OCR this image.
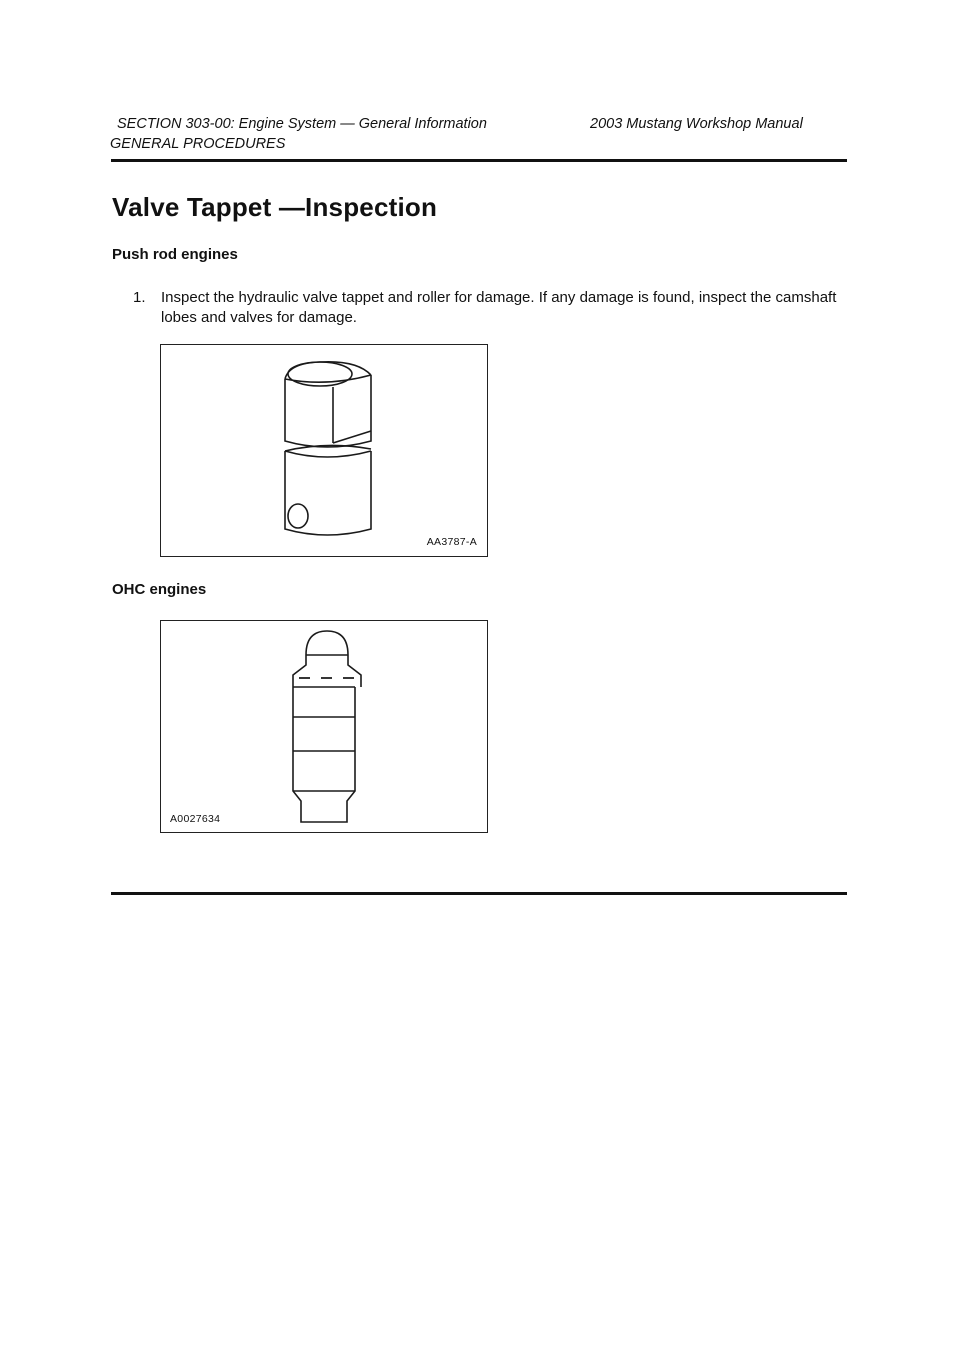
SECTION 303-00: Engine System — General Information	2003 Mustang Workshop Manual
GENERAL PROCEDURES
Valve Tappet —Inspection
Push rod engines
1. Inspect the hydraulic valve tappet and roller for damage. If any damage is found, inspect the camshaft lobes and valves for damage.
AA3787-A
OHC engines
A0027634
